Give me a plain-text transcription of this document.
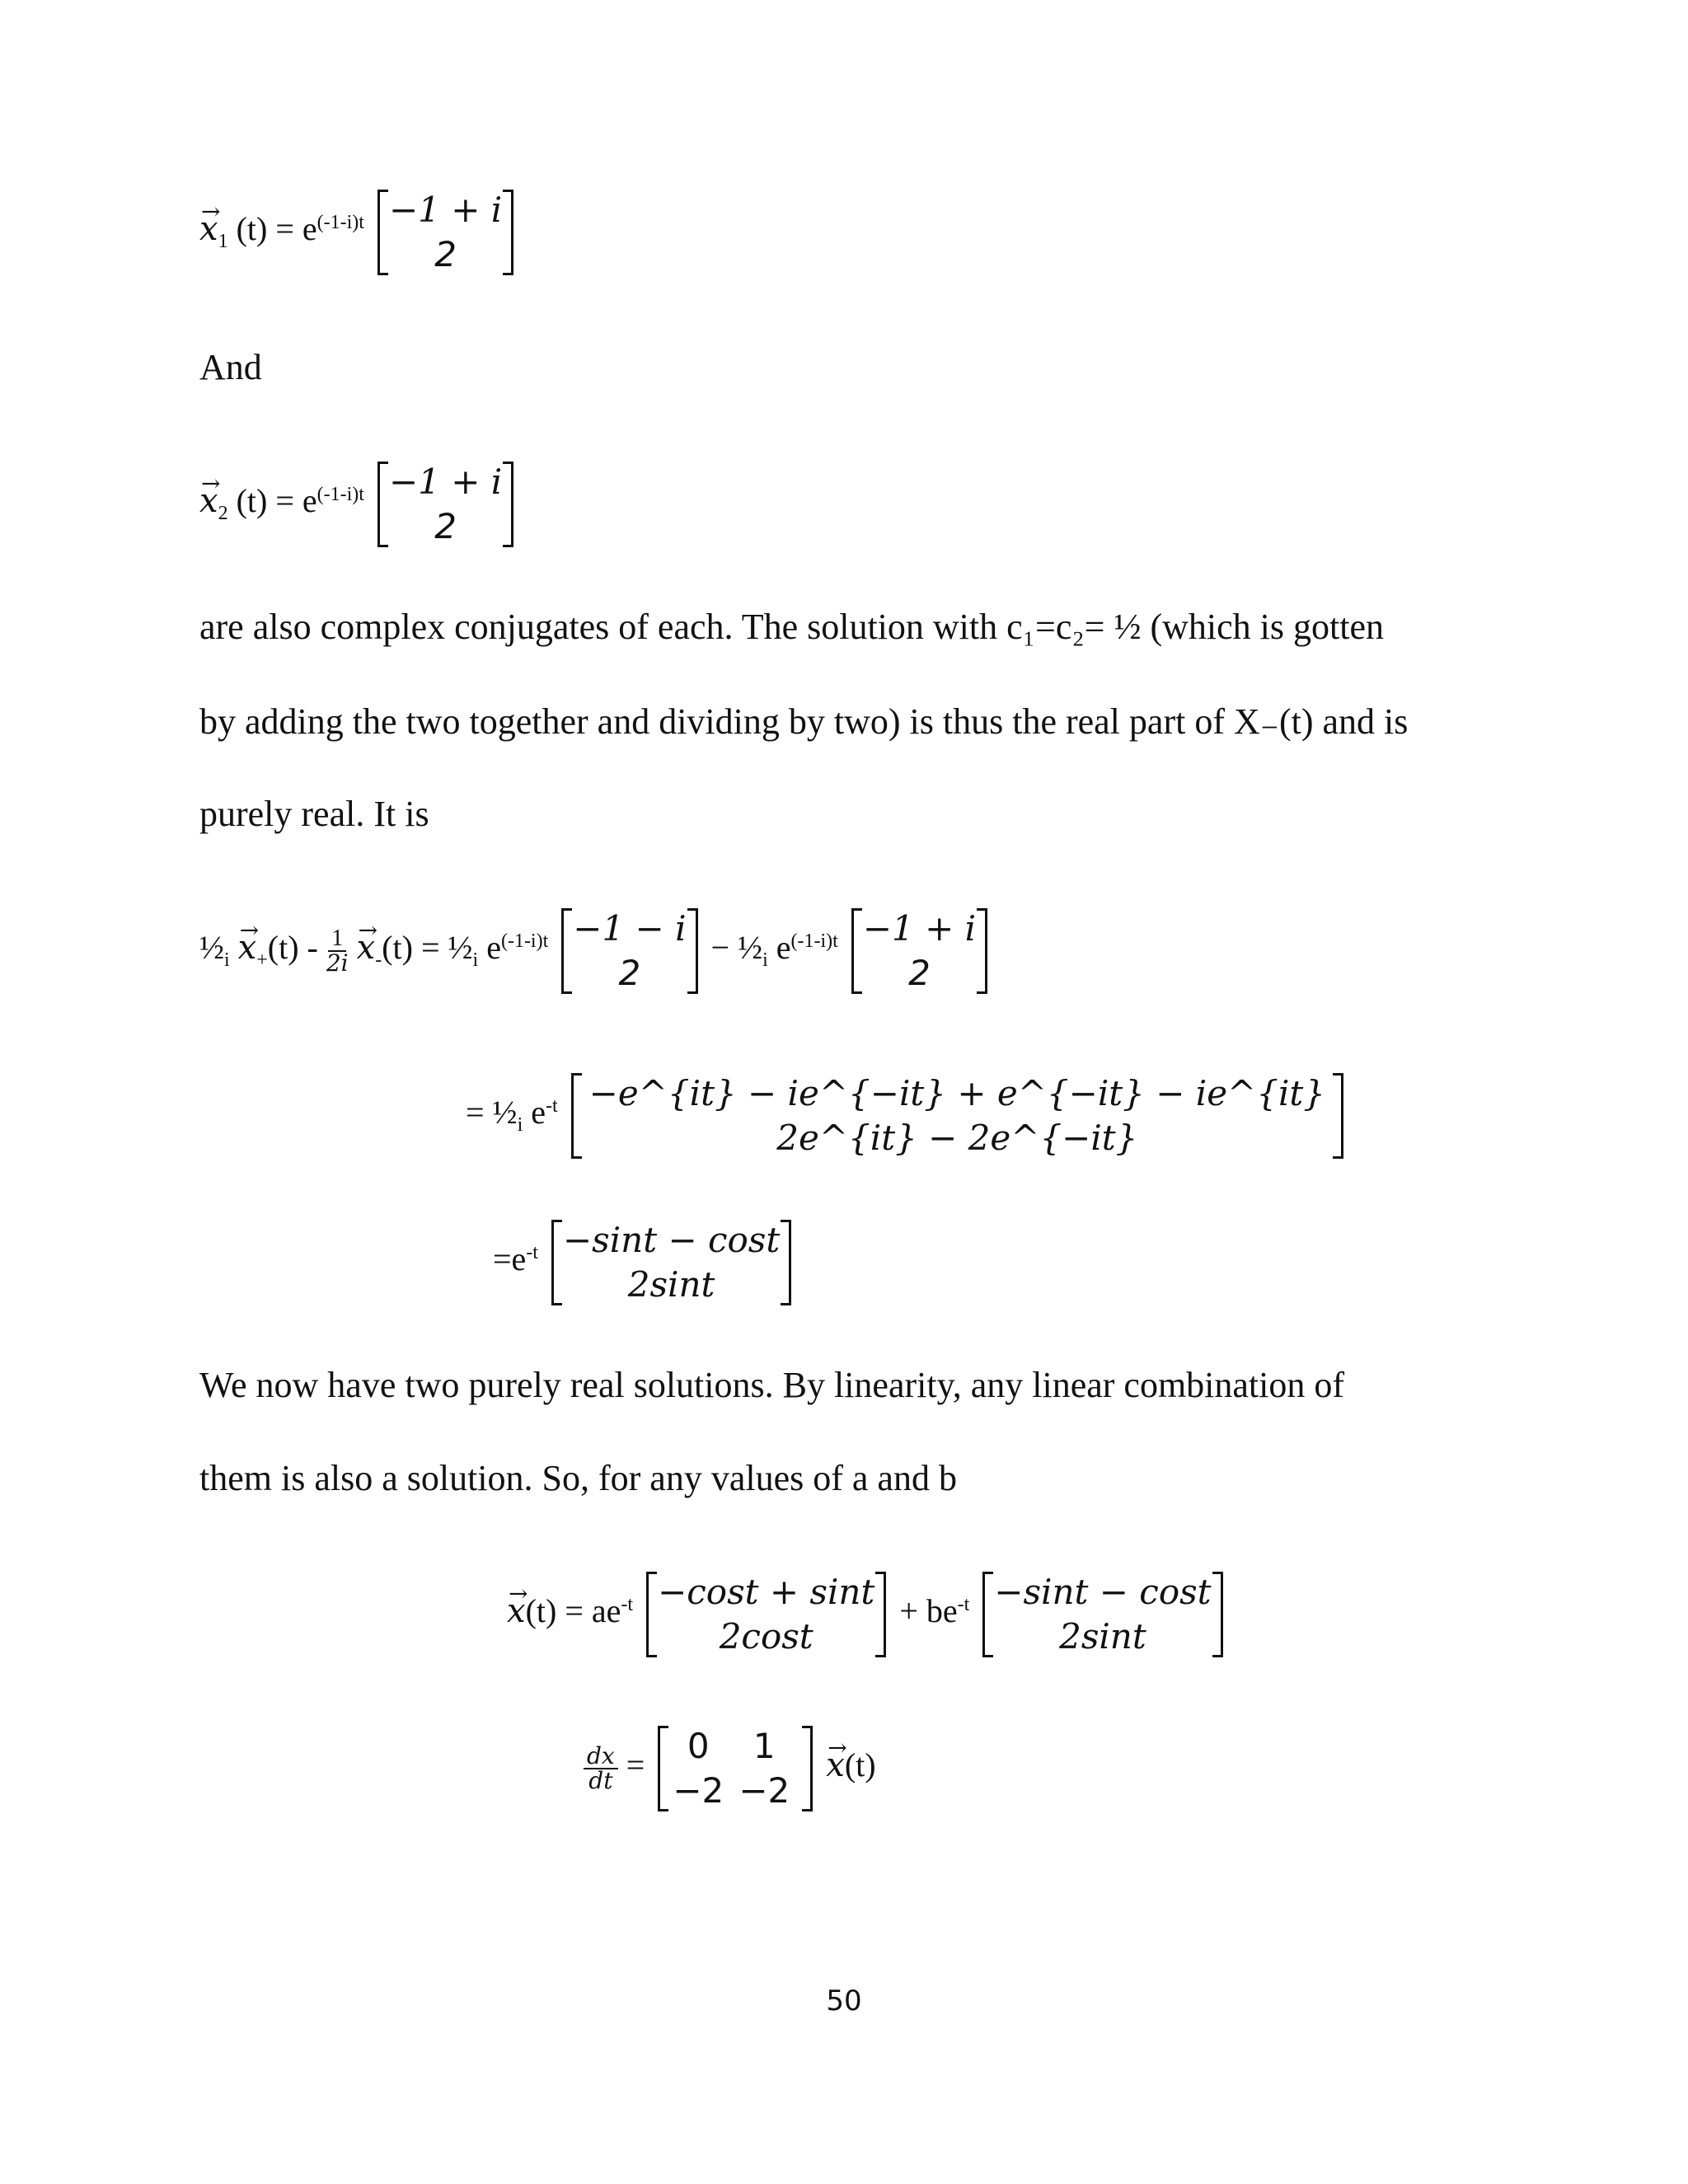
→ $x_1$ $(t) = e^{(-1-i)t} -1 + i$
2
And
→ $x_2$ $(t) = e^{(-1-i)t} -1 + i$
2
are also complex conjugates of each. The solution with c₁=c₂= ½ (which is gotten
by adding the two together and dividing by two) is thus the real part of X₋(t) and is
purely real. It is
$\frac{1}{2}_i \to x_+(t) - \frac{1}{2i}$
→ $x_-(t)$ = $\frac{1}{2}_i$ $e^{(-1-i)t} -1 - i$
2
− $\frac{1}{2}_i$ $e^{(-1-i)t} -1 + i$
2
= $\frac{1}{2}_i$ $e^{-t}$ −e^{it} − ie^{−it} + e^{−it} − ie^{it}
2e^{it} − 2e^{−it}
$=e^{-t} -\sin t - \cos t$
2sint
We now have two purely real solutions. By linearity, any linear combination of
them is also a solution. So, for any values of a and b
→ $x(t) = ae^{-t} -\cos t + \sin t$
2cost
+ $be^{-t} -\sin t - \cos t$
2sint
$\frac{dx}{dt} = 0$	1
−2 −2
→ x(t)
50
